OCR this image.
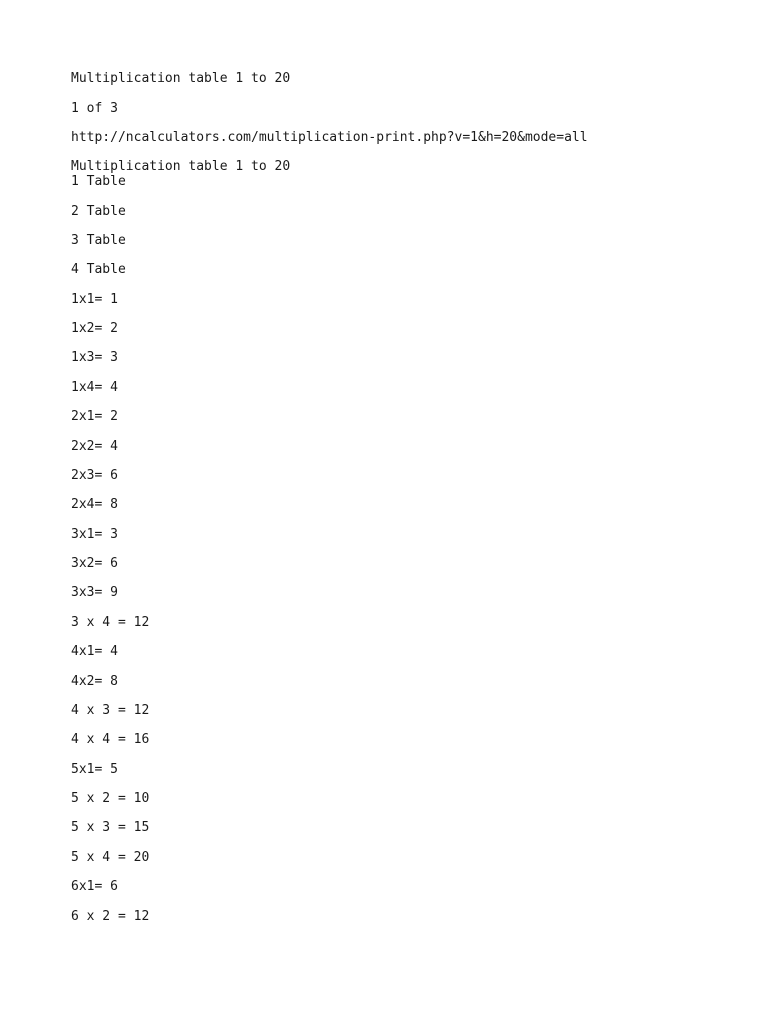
Multiplication table 1 to 20
1 of 3
http://ncalculators.com/multiplication-print.php?v=1&h=20&mode=all
Multiplication table 1 to 20
1 Table
2 Table
3 Table
4 Table
1x1= 1
1x2= 2
1x3= 3
1x4= 4
2x1= 2
2x2= 4
2x3= 6
2x4= 8
3x1= 3
3x2= 6
3x3= 9
3 x 4 = 12
4x1= 4
4x2= 8
4 x 3 = 12
4 x 4 = 16
5x1= 5
5 x 2 = 10
5 x 3 = 15
5 x 4 = 20
6x1= 6
6 x 2 = 12
